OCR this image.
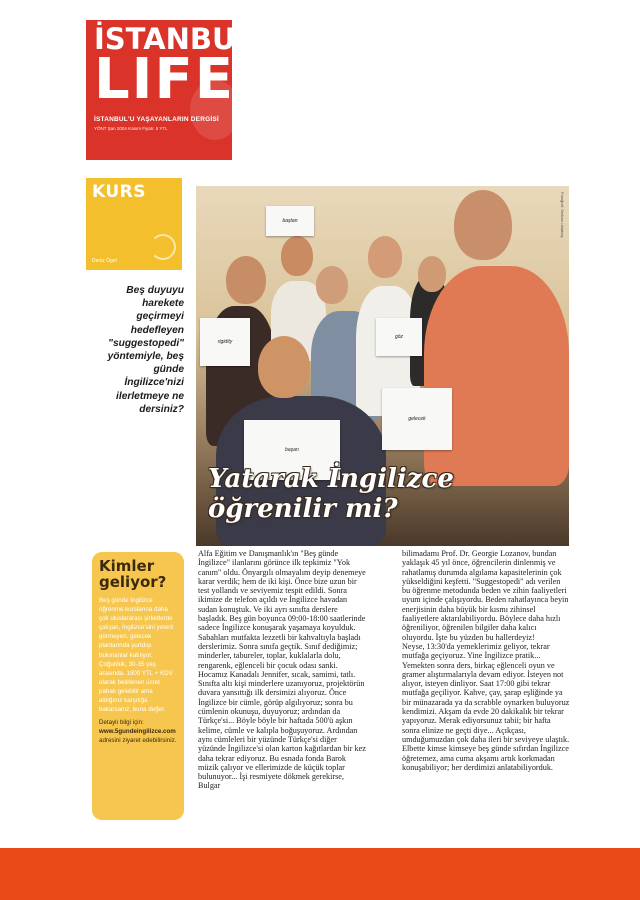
İSTANBUL
LIFE
İSTANBUL'U YAŞAYANLARIN DERGİSİ
YÖNT Şan 2004 Kasım Fiyatı: 5 YTL
KURS
Deniz Ögel
Beş duyuyu harekete geçirmeyi hedefleyen "suggestopedi" yöntemiyle, beş günde İngilizce'nizi ilerletmeye ne dersiniz?
Fotoğraf: Serkan Ustabaş
rigidity
baştan
göz
gelecek
başarı
Yatarak İngilizce
öğrenilir mi?
Kimler geliyor?
Beş günde İngilizce öğrenme kurslarına daha çok uluslararası şirketlerde çalışan, İngilizce'sini yeterli görmeyen, gelecek planlarında yurtdışı bulunanlar katılıyor. Çoğunluk, 30-35 yaş arasında. 1800 YTL + KDV olarak belirlenen ücret pahalı gelebilir ama aldığınız karşılığa bakarsanız, buna değer.
Detaylı bilgi için: www.5gundeingilizce.com adresini ziyaret edebilirsiniz.
Alfa Eğitim ve Danışmanlık'ın "Beş günde İngilizce" ilanlarını görünce ilk tepkimiz "Yok canım" oldu. Önyargılı olmayalım deyip denemeye karar verdik; hem de iki kişi. Önce bize uzun bir test yollandı ve seviyemiz tespit edildi. Sonra ikimize de telefon açıldı ve İngilizce havadan sudan konuştuk. Ve iki ayrı sınıfta derslere başladık. Beş gün boyunca 09:00-18:00 saatlerinde sadece İngilizce konuşarak yaşamaya koyulduk. Sabahları mutfakta lezzetli bir kahvaltıyla başladı derslerimiz. Sonra sınıfa geçtik. Sınıf dediğimiz; minderler, tabureler, toplar, kuklalarla dolu, rengarenk, eğlenceli bir çocuk odası sanki. Hocamız Kanadalı Jennifer, sıcak, samimi, tatlı. Sınıfta altı kişi minderlere uzanıyoruz, projektörün duvara yansıttığı ilk dersimizi alıyoruz. Önce İngilizce bir cümle, görüp algılıyoruz; sonra bu cümlenin okunuşu, duyuyoruz; ardından da Türkçe'si... Böyle böyle bir haftada 500'ü aşkın kelime, cümle ve kalıpla boğuşuyoruz. Ardından aynı cümleleri bir yüzünde Türkçe'si diğer yüzünde İngilizce'si olan karton kağıtlardan bir kez daha tekrar ediyoruz. Bu esnada fonda Barok müzik çalıyor ve ellerimizde de küçük toplar bulunuyor... İşi resmiyete dökmek gerekirse, Bulgar
bilimadamı Prof. Dr. Georgie Lozanov, bundan yaklaşık 45 yıl önce, öğrencilerin dinlenmiş ve rahatlamış durumda algılama kapasitelerinin çok yükseldiğini keşfetti. "Suggestopedi" adı verilen bu öğrenme metodunda beden ve zihin faaliyetleri uyum içinde çalışıyordu. Beden rahatlayınca beyin enerjisinin daha büyük bir kısmı zihinsel faaliyetlere aktarılabiliyordu. Böylece daha hızlı öğreniliyor, öğrenilen bilgiler daha kalıcı oluyordu. İşte bu yüzden bu hallerdeyiz!
Neyse, 13:30'da yemeklerimiz geliyor, tekrar mutfağa geçiyoruz. Yine İngilizce pratik... Yemekten sonra ders, birkaç eğlenceli oyun ve gramer alıştırmalarıyla devam ediyor. İsteyen not alıyor, isteyen dinliyor. Saat 17:00 gibi tekrar mutfağa geçiliyor. Kahve, çay, şarap eşliğinde ya bir münazarada ya da scrabble oynarken buluyoruz kendimizi. Akşam da evde 20 dakikalık bir tekrar yapıyoruz. Merak ediyorsunuz tabii; bir hafta sonra elinize ne geçti diye... Açıkçası, umduğumuzdan çok daha ileri bir seviyeye ulaştık. Elbette kimse kimseye beş günde sıfırdan İngilizce öğretemez, ama cuma akşamı artık korkmadan konuşabiliyor; her derdimizi anlatabiliyorduk.
